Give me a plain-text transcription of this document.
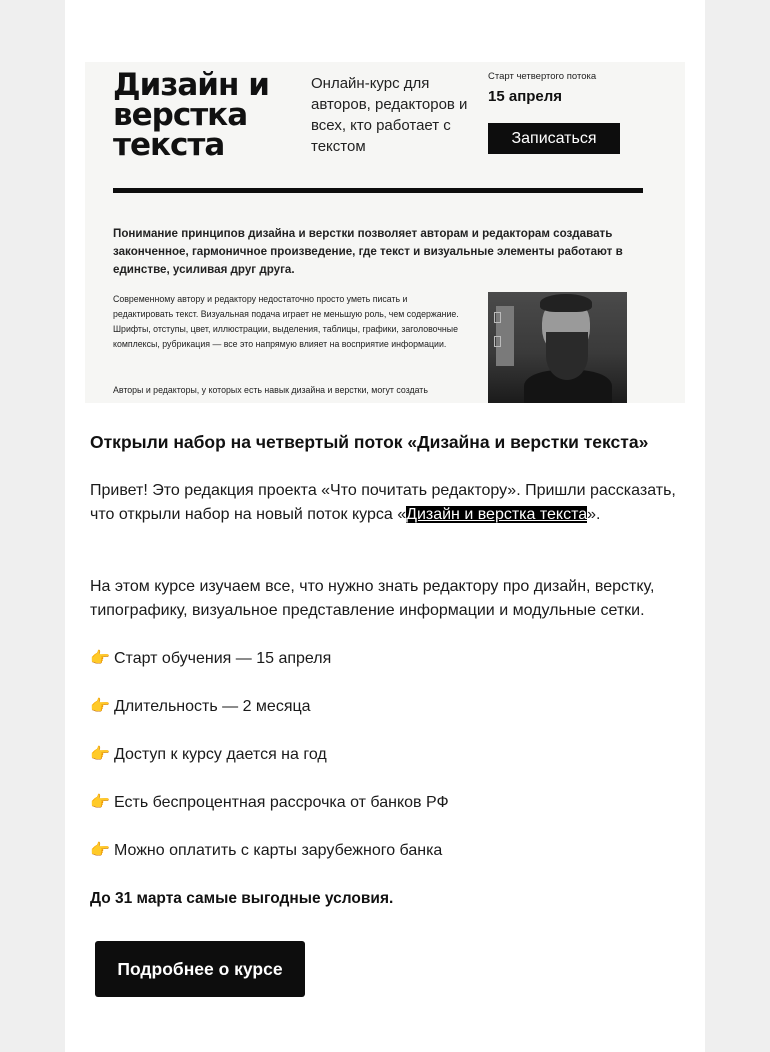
Дизайн и верстка текста
Онлайн-курс для авторов, редакторов и всех, кто работает с текстом
Старт четвертого потока
15 апреля
Записаться
Понимание принципов дизайна и верстки позволяет авторам и редакторам создавать законченное, гармоничное произведение, где текст и визуальные элементы работают в единстве, усиливая друг друга.
Современному автору и редактору недостаточно просто уметь писать и редактировать текст. Визуальная подача играет не меньшую роль, чем содержание. Шрифты, отступы, цвет, иллюстрации, выделения, таблицы, графики, заголовочные комплексы, рубрикация — все это напрямую влияет на восприятие информации.
Авторы и редакторы, у которых есть навык дизайна и верстки, могут создать
Открыли набор на четвертый поток «Дизайна и верстки текста»
Привет! Это редакция проекта «Что почитать редактору». Пришли рассказать, что открыли набор на новый поток курса «Дизайн и верстка текста».
На этом курсе изучаем все, что нужно знать редактору про дизайн, верстку, типографику, визуальное представление информации и модульные сетки.
👉 Старт обучения — 15 апреля
👉 Длительность — 2 месяца
👉 Доступ к курсу дается на год
👉 Есть беспроцентная рассрочка от банков РФ
👉 Можно оплатить с карты зарубежного банка
До 31 марта самые выгодные условия.
Подробнее о курсе
